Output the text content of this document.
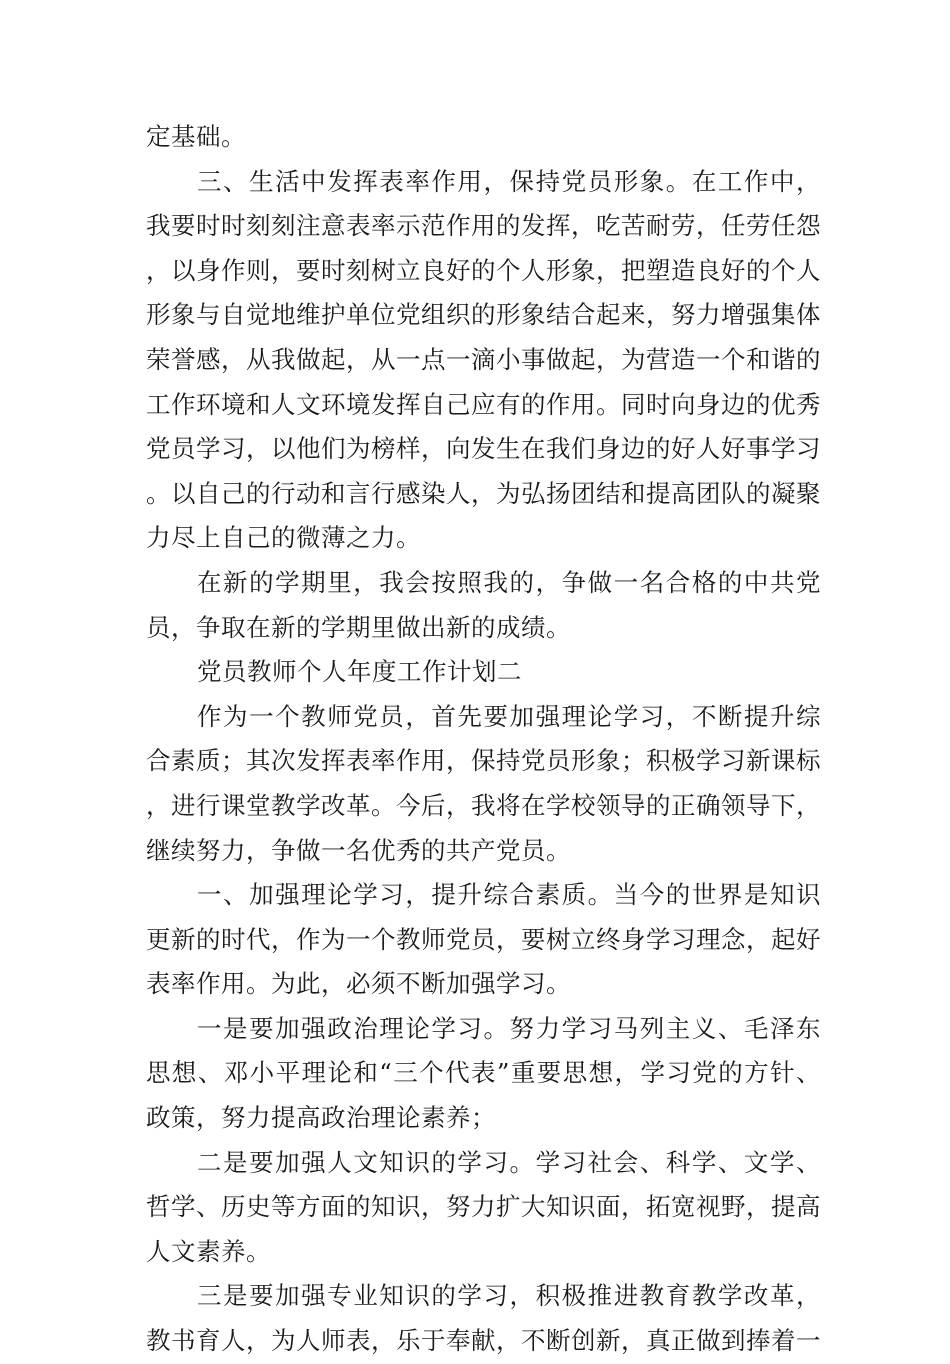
定基础。

三、生活中发挥表率作用，保持党员形象。在工作中，我要时时刻刻注意表率示范作用的发挥，吃苦耐劳，任劳任怨，以身作则，要时刻树立良好的个人形象，把塑造良好的个人形象与自觉地维护单位党组织的形象结合起来，努力增强集体荣誉感，从我做起，从一点一滴小事做起，为营造一个和谐的工作环境和人文环境发挥自己应有的作用。同时向身边的优秀党员学习，以他们为榜样，向发生在我们身边的好人好事学习。以自己的行动和言行感染人，为弘扬团结和提高团队的凝聚力尽上自己的微薄之力。

在新的学期里，我会按照我的，争做一名合格的中共党员，争取在新的学期里做出新的成绩。

党员教师个人年度工作计划二

作为一个教师党员，首先要加强理论学习，不断提升综合素质；其次发挥表率作用，保持党员形象；积极学习新课标，进行课堂教学改革。今后，我将在学校领导的正确领导下，继续努力，争做一名优秀的共产党员。

一、加强理论学习，提升综合素质。当今的世界是知识更新的时代，作为一个教师党员，要树立终身学习理念，起好表率作用。为此，必须不断加强学习。

一是要加强政治理论学习。努力学习马列主义、毛泽东思想、邓小平理论和“三个代表”重要思想，学习党的方针、政策，努力提高政治理论素养；

二是要加强人文知识的学习。学习社会、科学、文学、哲学、历史等方面的知识，努力扩大知识面，拓宽视野，提高人文素养。

三是要加强专业知识的学习，积极推进教育教学改革，教书育人，为人师表，乐于奉献，不断创新，真正做到捧着一
